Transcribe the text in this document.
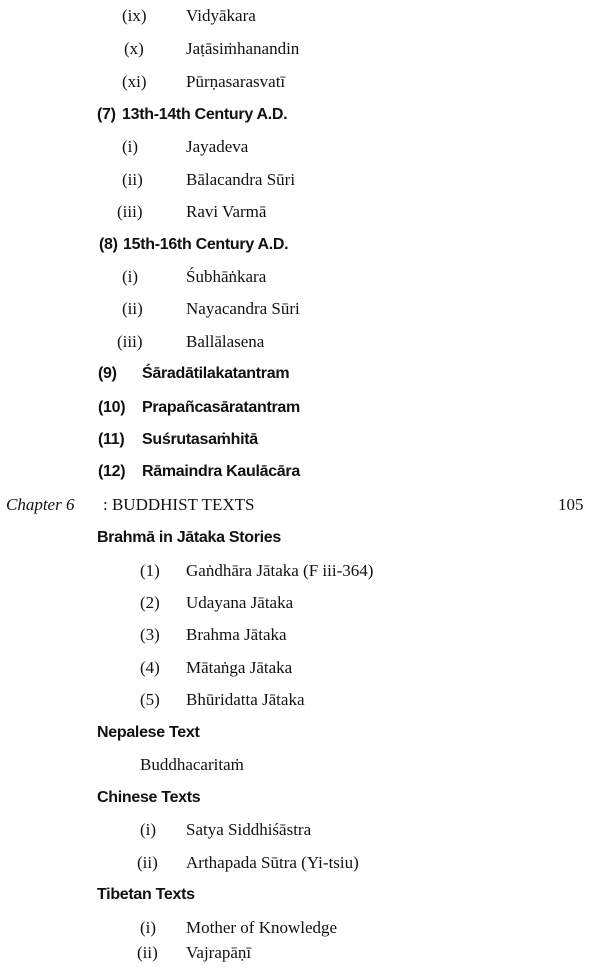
(ix) Vidyākara
(x) Jaṭāsiṁhanandin
(xi) Pūrṇasarasvatī
(7) 13th-14th Century A.D.
(i)	Jayadeva
(ii)	Bālacandra Sūri
(iii)	Ravi Varmā
(8) 15th-16th Century A.D.
(i)	Śubhāṅkara
(ii)	Nayacandra Sūri
(iii)	Ballālasena
(9) Śāradātilakatantram
(10) Prapañcasāratantram
(11) Suśrutasaṁhitā
(12) Rāmaindra Kaulācāra
Chapter 6 : BUDDHIST TEXTS	105
Brahmā in Jātaka Stories
(1) Gaṅdhāra Jātaka (F iii-364)
(2) Udayana Jātaka
(3) Brahma Jātaka
(4) Mātaṅga Jātaka
(5) Bhūridatta Jātaka
Nepalese Text
Buddhacaritaṁ
Chinese Texts
(i) Satya Siddhiśāstra
(ii) Arthapada Sūtra (Yi-tsiu)
Tibetan Texts
(i) Mother of Knowledge
(ii) Vajrapāṇī
